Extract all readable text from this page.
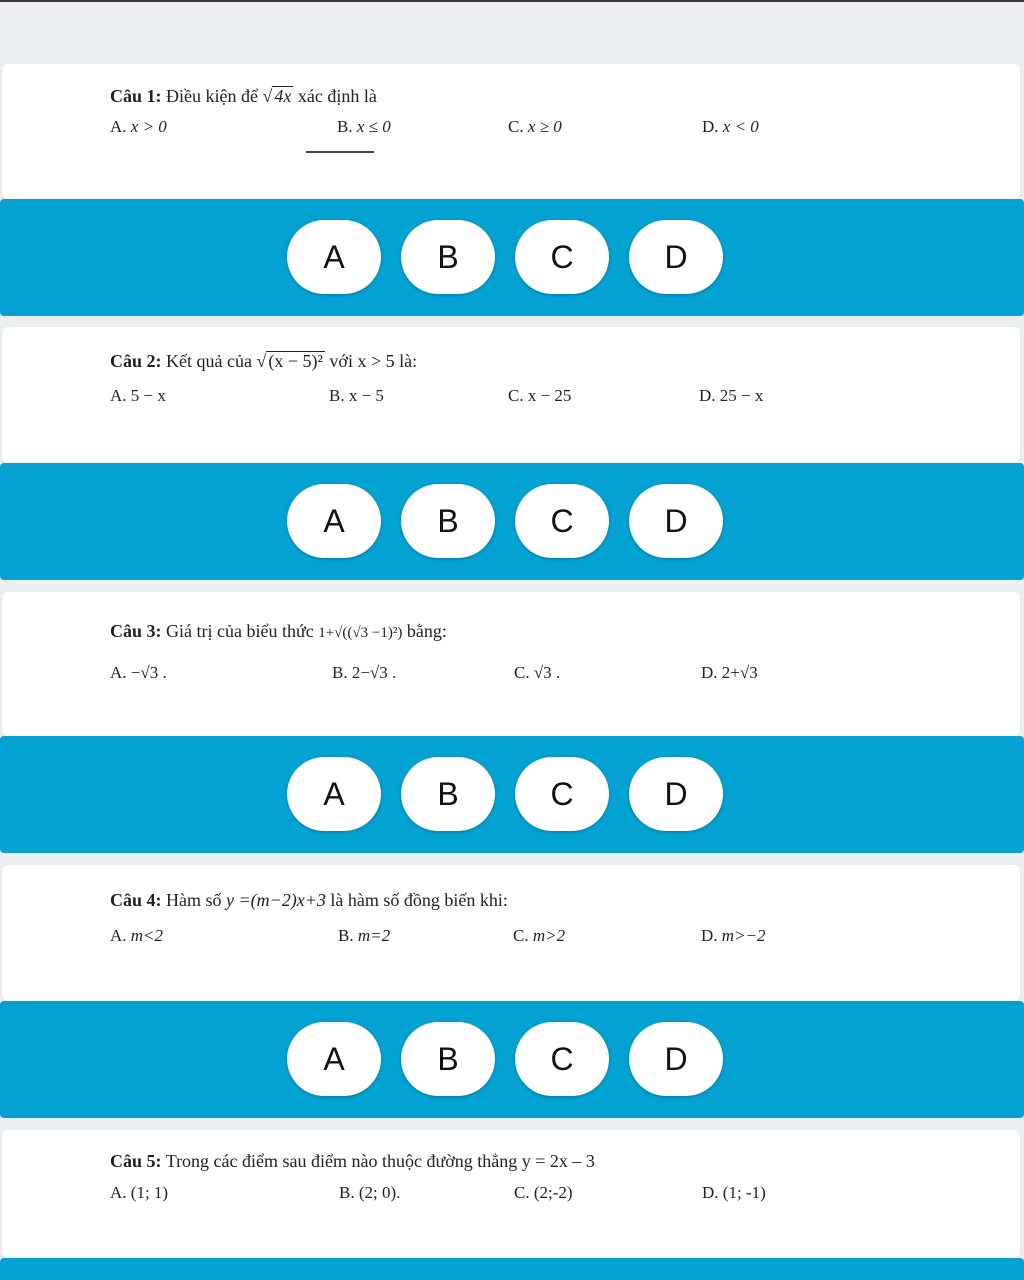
Câu 1: Điều kiện để √ 4x xác định là
A. x > 0	B. x ≤ 0	C. x ≥ 0	D. x < 0
A	B	C	D
Câu 2: Kết quả của √ (x − 5)² với x > 5 là:
A. 5 − x	B. x − 5	C. x − 25	D. 25 − x
A	B	C	D
Câu 3: Giá trị của biểu thức 1+√((√3 −1)²) bằng:
A. −√3 .	B. 2−√3 .	C. √3 .	D. 2+√3
A	B	C	D
Câu 4: Hàm số y =(m−2)x+3 là hàm số đồng biến khi:
A. m<2	B. m=2	C. m>2	D. m>−2
A	B	C	D
Câu 5: Trong các điểm sau điểm nào thuộc đường thẳng y = 2x – 3
A. (1; 1)	B. (2; 0).	C. (2;-2)	D. (1; -1)
